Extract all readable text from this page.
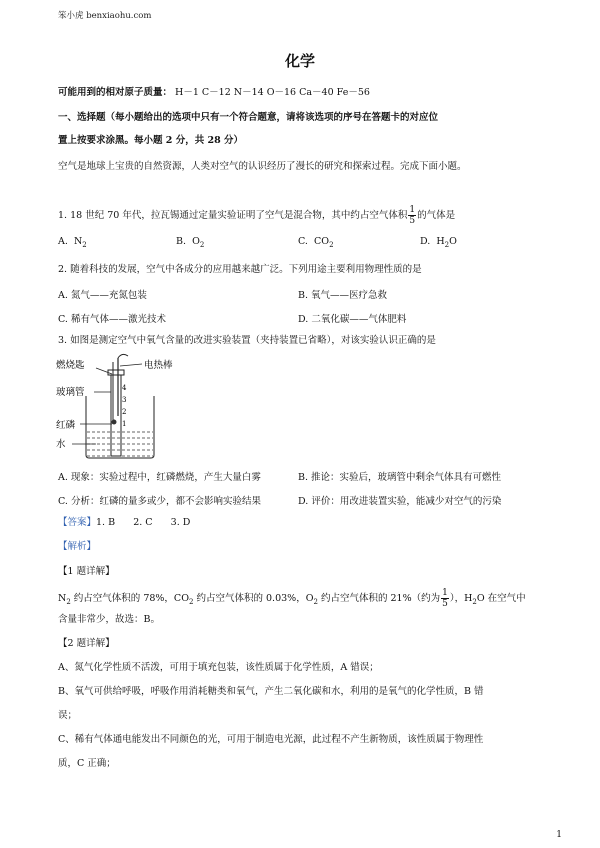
笨小虎 benxiaohu.com
化学
可能用到的相对原子质量： H－1 C－12 N－14 O－16 Ca－40 Fe－56
一、选择题（每小题给出的选项中只有一个符合题意，请将该选项的序号在答题卡的对应位
置上按要求涂黑。每小题 2 分，共 28 分）
空气是地球上宝贵的自然资源，人类对空气的认识经历了漫长的研究和探索过程。完成下面小题。
1. 18 世纪 70 年代，拉瓦锡通过定量实验证明了空气是混合物，其中约占空气体积 $\frac{1}{5}$ 的气体是
A. $N_2$	B. $O_2$	C. $CO_2$	D. $H_2O$
2. 随着科技的发展，空气中各成分的应用越来越广泛。下列用途主要利用物理性质的是
A. 氮气——充氮包装	B. 氧气——医疗急救
C. 稀有气体——激光技术	D. 二氧化碳——气体肥料
3. 如图是测定空气中氧气含量的改进实验装置（夹持装置已省略），对该实验认识正确的是
4
3
2
1
燃烧匙	电热棒
玻璃管
红磷
水
A. 现象：实验过程中，红磷燃烧，产生大量白雾	B. 推论：实验后，玻璃管中剩余气体具有可燃性
C. 分析：红磷的量多或少，都不会影响实验结果	D. 评价：用改进装置实验，能减少对空气的污染
【答案】1. B      2. C      3. D
【解析】
【1 题详解】
$N_2$ 约占空气体积的 78%，$CO_2$ 约占空气体积的 0.03%，$O_2$ 约占空气体积的 21%（约为 $\frac{1}{5}$ ），$H_2O$ 在空气中
含量非常少，故选：B。
【2 题详解】
A、氮气化学性质不活泼，可用于填充包装，该性质属于化学性质，A 错误；
B、氧气可供给呼吸，呼吸作用消耗糖类和氧气，产生二氧化碳和水，利用的是氧气的化学性质，B 错
误；
C、稀有气体通电能发出不同颜色的光，可用于制造电光源，此过程不产生新物质，该性质属于物理性
质，C 正确；
1
